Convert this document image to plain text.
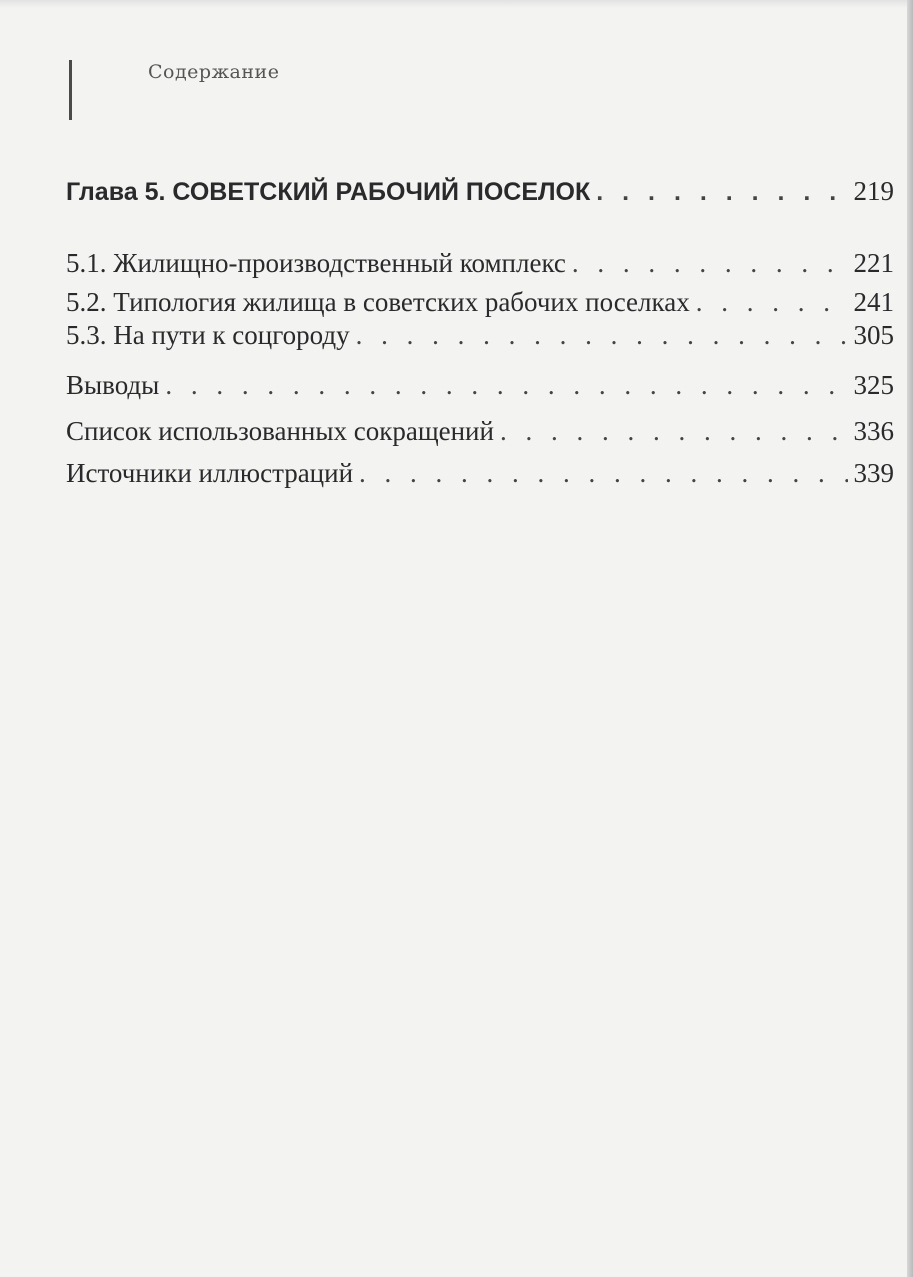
Содержание
Глава 5. СОВЕТСКИЙ РАБОЧИЙ ПОСЕЛОК . . .	219
5.1. Жилищно-производственный комплекс . . .	221
5.2. Типология жилища в советских рабочих поселках . . .	241
5.3. На пути к соцгороду . . .	305
Выводы . . .	325
Список использованных сокращений . . .	336
Источники иллюстраций . . .	339
